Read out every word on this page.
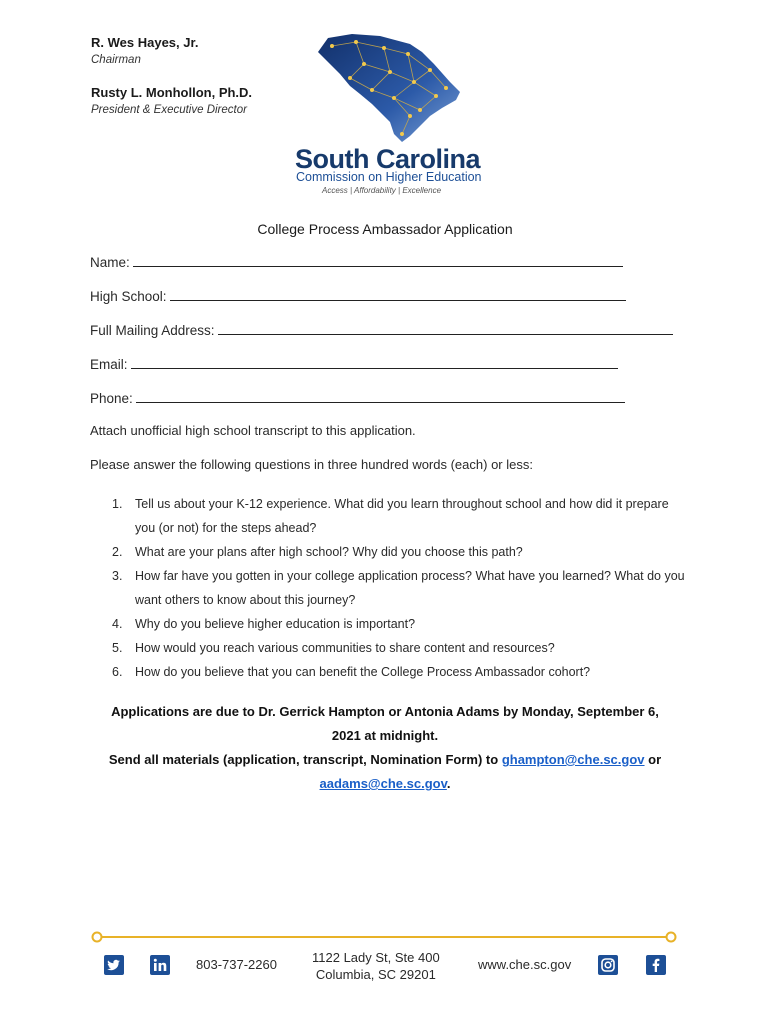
R. Wes Hayes, Jr.
Chairman
Rusty L. Monhollon, Ph.D.
President & Executive Director
South Carolina
Commission on Higher Education
Access | Affordability | Excellence
College Process Ambassador Application
Name:
High School:
Full Mailing Address:
Email:
Phone:
Attach unofficial high school transcript to this application.
Please answer the following questions in three hundred words (each) or less:
1. Tell us about your K-12 experience. What did you learn throughout school and how did it prepare you (or not) for the steps ahead?
2. What are your plans after high school? Why did you choose this path?
3. How far have you gotten in your college application process? What have you learned? What do you want others to know about this journey?
4. Why do you believe higher education is important?
5. How would you reach various communities to share content and resources?
6. How do you believe that you can benefit the College Process Ambassador cohort?
Applications are due to Dr. Gerrick Hampton or Antonia Adams by Monday, September 6, 2021 at midnight.
Send all materials (application, transcript, Nomination Form) to ghampton@che.sc.gov or aadams@che.sc.gov.
803-737-2260	1122 Lady St, Ste 400
Columbia, SC 29201
www.che.sc.gov
